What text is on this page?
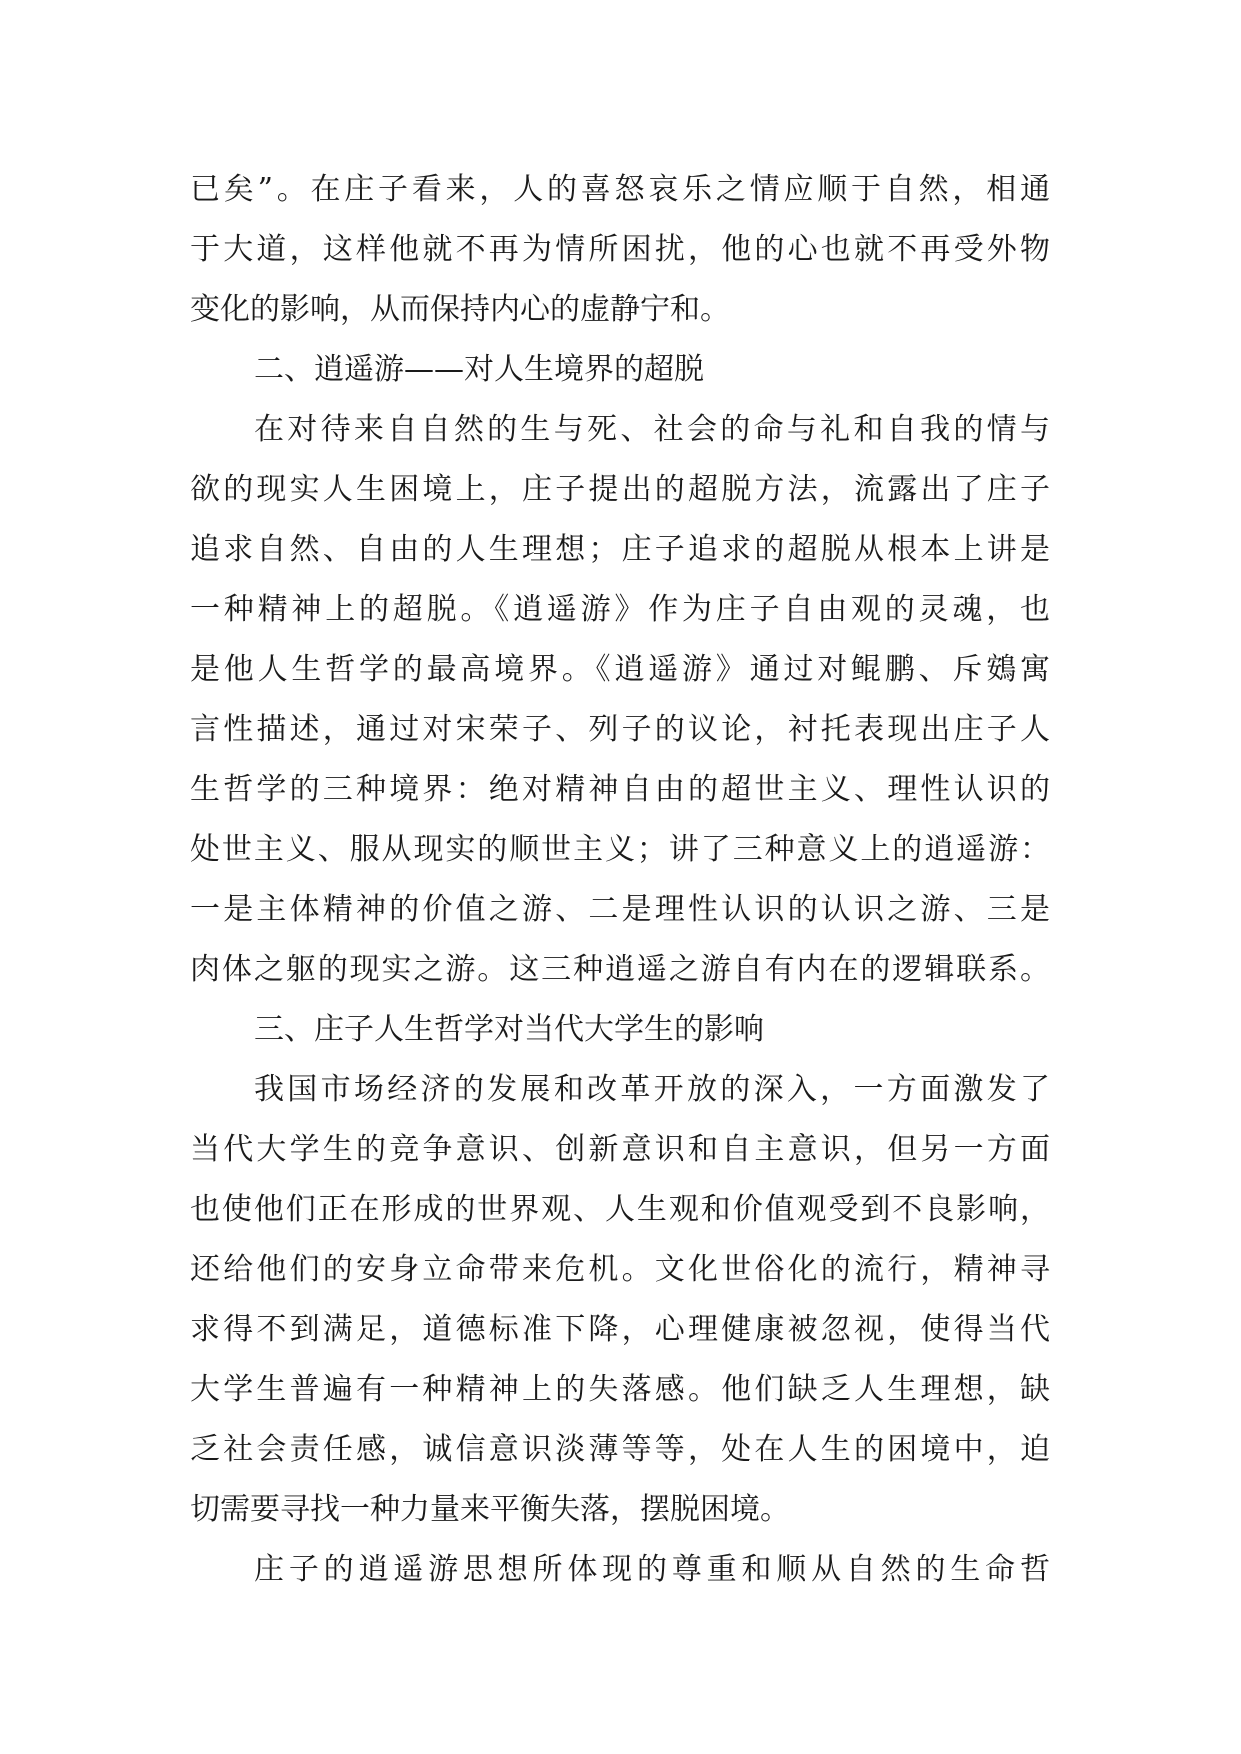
已矣”。在庄子看来，人的喜怒哀乐之情应顺于自然，相通
于大道，这样他就不再为情所困扰，他的心也就不再受外物
变化的影响，从而保持内心的虚静宁和。
二、逍遥游——对人生境界的超脱
在对待来自自然的生与死、社会的命与礼和自我的情与
欲的现实人生困境上，庄子提出的超脱方法，流露出了庄子
追求自然、自由的人生理想；庄子追求的超脱从根本上讲是
一种精神上的超脱。《逍遥游》作为庄子自由观的灵魂，也
是他人生哲学的最高境界。《逍遥游》通过对鲲鹏、斥鴳寓
言性描述，通过对宋荣子、列子的议论，衬托表现出庄子人
生哲学的三种境界：绝对精神自由的超世主义、理性认识的
处世主义、服从现实的顺世主义；讲了三种意义上的逍遥游：
一是主体精神的价值之游、二是理性认识的认识之游、三是
肉体之躯的现实之游。这三种逍遥之游自有内在的逻辑联系。
三、庄子人生哲学对当代大学生的影响
我国市场经济的发展和改革开放的深入，一方面激发了
当代大学生的竞争意识、创新意识和自主意识，但另一方面
也使他们正在形成的世界观、人生观和价值观受到不良影响，
还给他们的安身立命带来危机。文化世俗化的流行，精神寻
求得不到满足，道德标准下降，心理健康被忽视，使得当代
大学生普遍有一种精神上的失落感。他们缺乏人生理想，缺
乏社会责任感，诚信意识淡薄等等，处在人生的困境中，迫
切需要寻找一种力量来平衡失落，摆脱困境。
庄子的逍遥游思想所体现的尊重和顺从自然的生命哲
